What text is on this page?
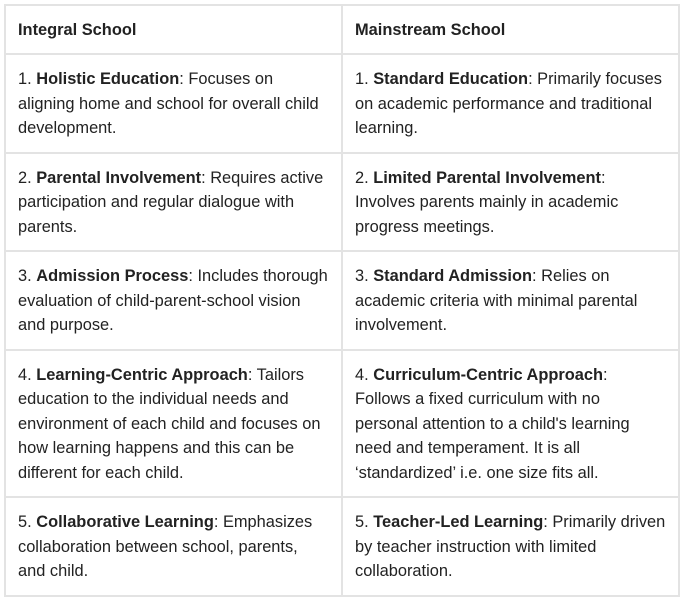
Integral School	Mainstream School
1. Holistic Education: Focuses on aligning home and school for overall child development.	1. Standard Education: Primarily focuses on academic performance and traditional learning.
2. Parental Involvement: Requires active participation and regular dialogue with parents.	2. Limited Parental Involvement: Involves parents mainly in academic progress meetings.
3. Admission Process: Includes thorough evaluation of child-parent-school vision and purpose.	3. Standard Admission: Relies on academic criteria with minimal parental involvement.
4. Learning-Centric Approach: Tailors education to the individual needs and environment of each child and focuses on how learning happens and this can be different for each child.	4. Curriculum-Centric Approach: Follows a fixed curriculum with no personal attention to a child's learning need and temperament. It is all ‘standardized’ i.e. one size fits all.
5. Collaborative Learning: Emphasizes collaboration between school, parents, and child.	5. Teacher-Led Learning: Primarily driven by teacher instruction with limited collaboration.
